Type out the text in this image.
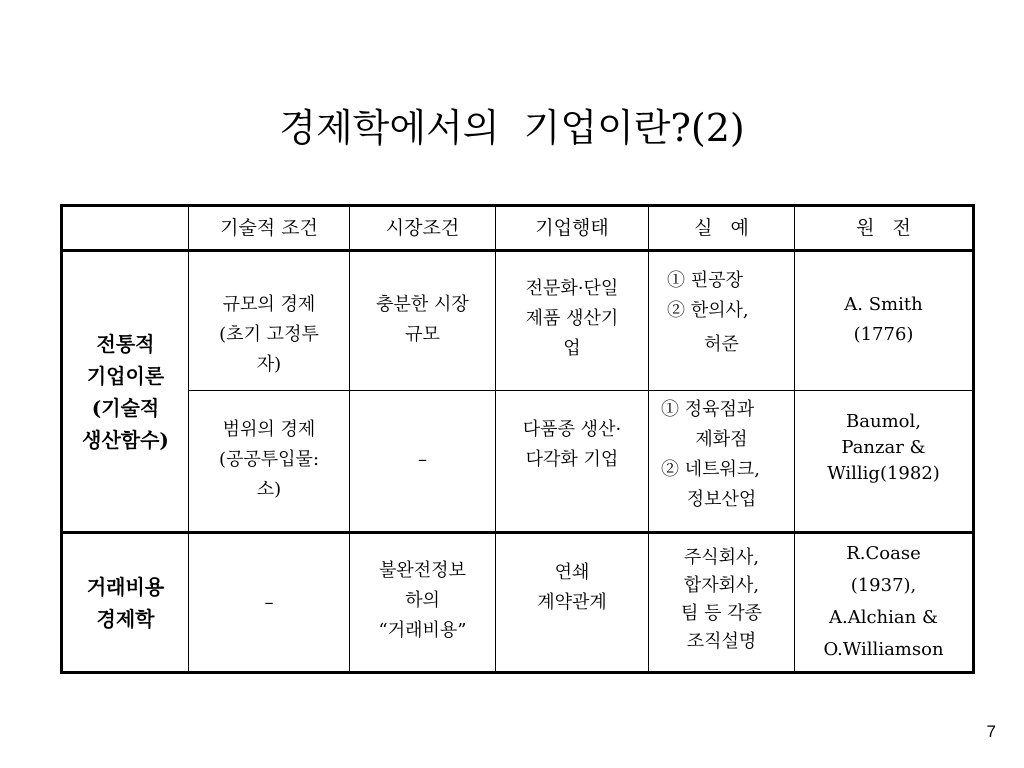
경제학에서의  기업이란?(2)
	기술적 조건	시장조건	기업행태	실   예	원   전

전통적
기업이론
(기술적
생산함수)	규모의 경제
(초기 고정투
자)	충분한 시장
규모	전문화·단일
제품 생산기
업	① 핀공장
② 한의사,
허준	A. Smith
(1776)

	범위의 경제
(공공투입물:
소)	–	다품종 생산·
다각화 기업	① 정육점과
제화점
② 네트워크,
정보산업	Baumol,
Panzar &
Willig(1982)

거래비용
경제학	–	불완전정보
하의
“거래비용”	연쇄
계약관계	주식회사,
합자회사,
팀 등 각종
조직설명	R.Coase
(1937),
A.Alchian &
O.Williamson
7
